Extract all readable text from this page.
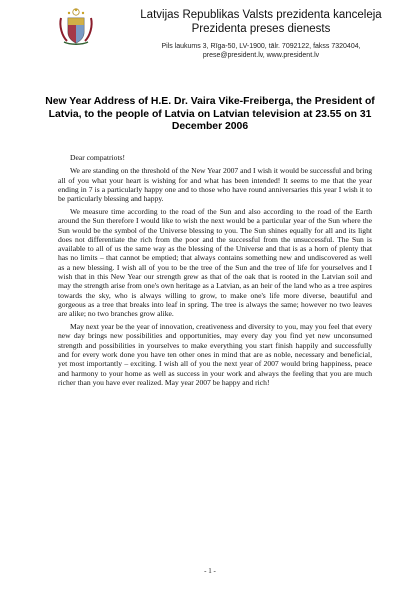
Latvijas Republikas Valsts prezidenta kanceleja
Prezidenta preses dienests
Pils laukums 3, Rīga-50, LV-1900, tālr. 7092122, fakss 7320404,
prese@president.lv, www.president.lv
New Year Address of H.E. Dr. Vaira Vike-Freiberga, the President of Latvia, to the people of Latvia on Latvian television at 23.55 on 31 December 2006

Dear compatriots!

We are standing on the threshold of the New Year 2007 and I wish it would be successful and bring all of you what your heart is wishing for and what has been intended! It seems to me that the year ending in 7 is a particularly happy one and to those who have round anniversaries this year I wish it to be particularly blessing and happy.

We measure time according to the road of the Sun and also according to the road of the Earth around the Sun therefore I would like to wish the next would be a particular year of the Sun where the Sun would be the symbol of the Universe blessing to you. The Sun shines equally for all and its light does not differentiate the rich from the poor and the successful from the unsuccessful. The Sun is available to all of us the same way as the blessing of the Universe and that is as a horn of plenty that has no limits – that cannot be emptied; that always contains something new and undiscovered as well as a new blessing. I wish all of you to be the tree of the Sun and the tree of life for yourselves and I wish that in this New Year our strength grew as that of the oak that is rooted in the Latvian soil and may the strength arise from one's own heritage as a Latvian, as an heir of the land who as a tree aspires towards the sky, who is always willing to grow, to make one's life more diverse, beautiful and gorgeous as a tree that breaks into leaf in spring. The tree is always the same; however no two leaves are alike; no two branches grow alike.

May next year be the year of innovation, creativeness and diversity to you, may you feel that every new day brings new possibilities and opportunities, may every day you find yet new unconsumed strength and possibilities in yourselves to make everything you start finish happily and successfully and for every work done you have ten other ones in mind that are as noble, necessary and beneficial, yet most importantly – exciting. I wish all of you the next year of 2007 would bring happiness, peace and harmony to your home as well as success in your work and always the feeling that you are much richer than you have ever realized. May year 2007 be happy and rich!

- 1 -
